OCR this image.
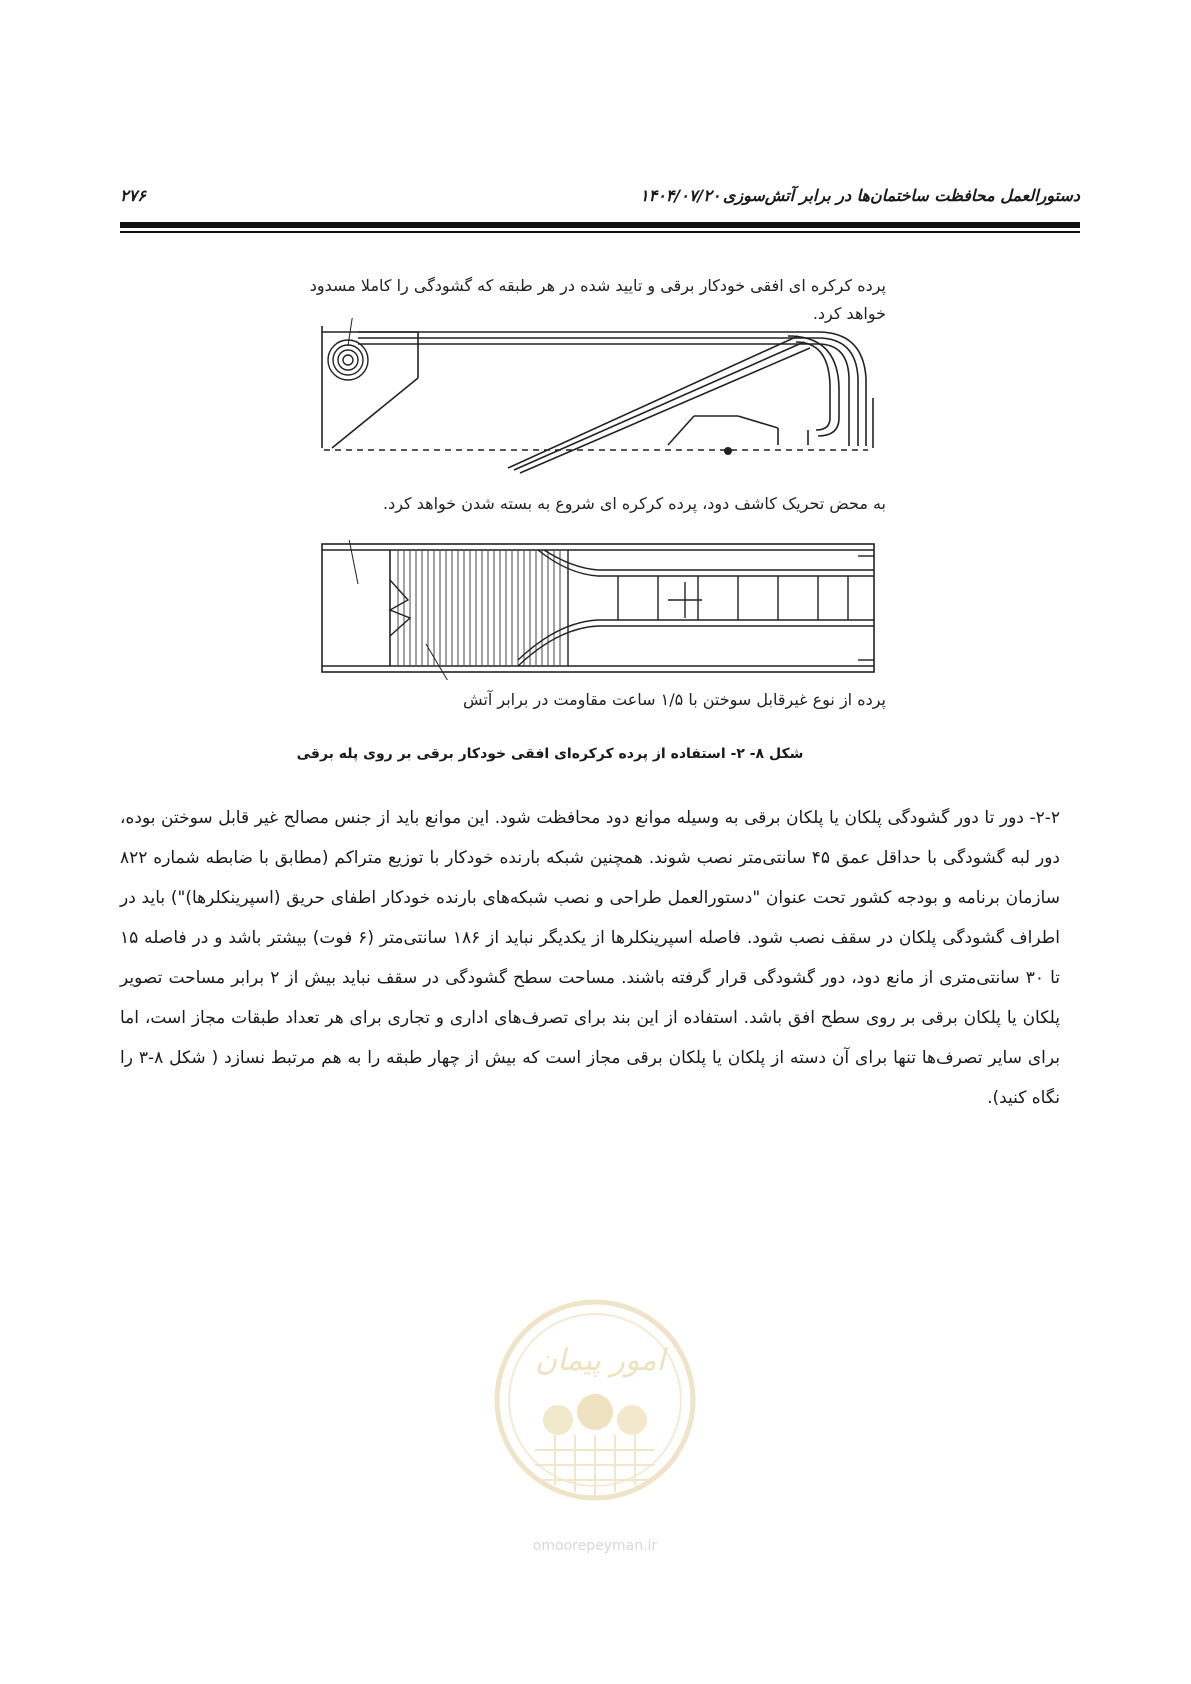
دستورالعمل محافظت ساختمان‌ها در برابر آتش‌سوزی
۱۴۰۴/۰۷/۲۰
۲۷۶
پرده کرکره ای افقی خودکار برقی و تایید شده در هر طبقه که گشودگی را کاملا مسدود
خواهد کرد.
به محض تحریک کاشف دود، پرده کرکره ای شروع به بسته شدن خواهد کرد.
پرده از نوع غیرقابل سوختن با ۱/۵ ساعت مقاومت در برابر آتش
شکل ۸- ۲- استفاده از پرده کرکره‌ای افقی خودکار برقی بر روی پله برقی

۲-۲- دور تا دور گشودگی پلکان یا پلکان برقی به وسیله موانع دود محافظت شود. این موانع باید از جنس مصالح غیر قابل سوختن بوده، دور لبه گشودگی با حداقل عمق ۴۵ سانتی‌متر نصب شوند. همچنین شبکه بارنده خودکار با توزیع متراکم (مطابق با ضابطه شماره ۸۲۲ سازمان برنامه و بودجه کشور تحت عنوان "دستورالعمل طراحی و نصب شبکه‌های بارنده خودکار اطفای حریق (اسپرینکلرها)") باید در اطراف گشودگی پلکان در سقف نصب شود. فاصله اسپرینکلرها از یکدیگر نباید از ۱۸۶ سانتی‌متر (۶ فوت) بیشتر باشد و در فاصله ۱۵ تا ۳۰ سانتی‌متری از مانع دود، دور گشودگی قرار گرفته باشند. مساحت سطح گشودگی در سقف نباید بیش از ۲ برابر مساحت تصویر پلکان یا پلکان برقی بر روی سطح افق باشد. استفاده از این بند برای تصرف‌های اداری و تجاری برای هر تعداد طبقات مجاز است، اما برای سایر تصرف‌ها تنها برای آن دسته از پلکان یا پلکان برقی مجاز است که بیش از چهار طبقه را به هم مرتبط نسازد ( شکل ۸-۳ را نگاه کنید).

امور پیمان
omoorepeyman.ir
